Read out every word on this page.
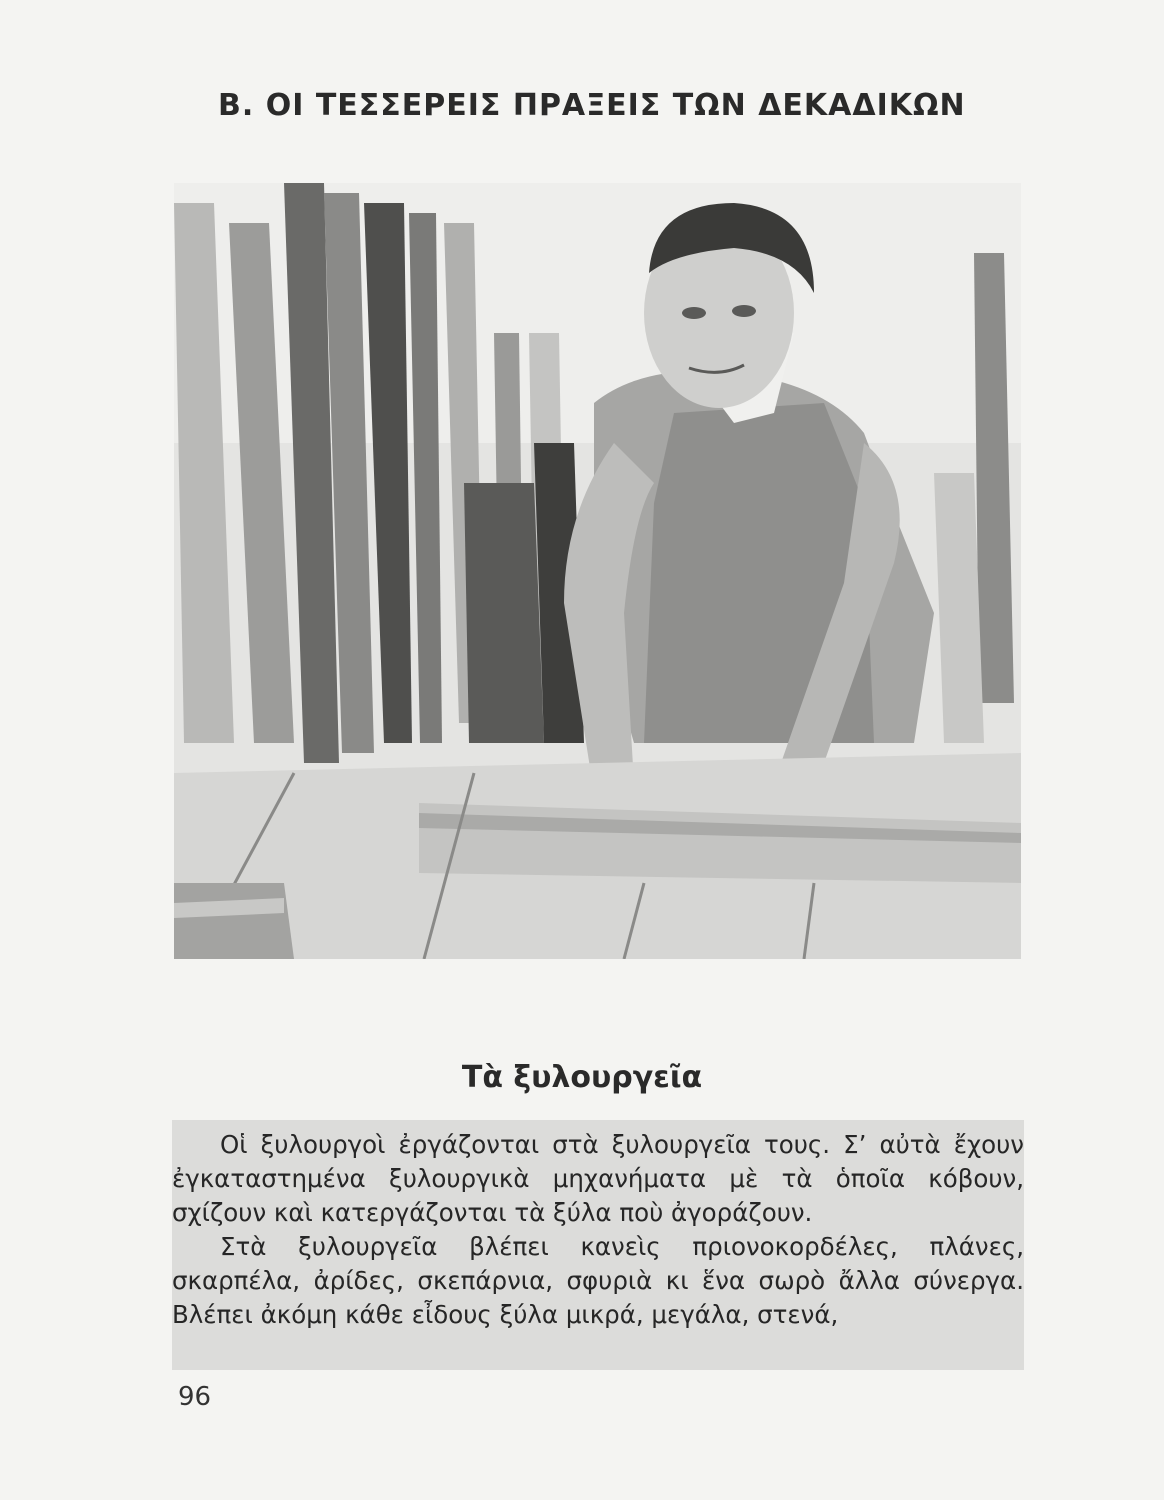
B. ΟΙ ΤΕΣΣΕΡΕΙΣ ΠΡΑΞΕΙΣ ΤΩΝ ΔΕΚΑΔΙΚΩΝ
Τὰ ξυλουργεῖα

Οἱ ξυλουργοὶ ἐργάζονται στὰ ξυλουργεῖα τους. Σ’ αὐτὰ ἔχουν ἐγκαταστημένα ξυλουργικὰ μηχανήματα μὲ τὰ ὁποῖα κόβουν, σχίζουν καὶ κατεργάζονται τὰ ξύλα ποὺ ἀγοράζουν.

Στὰ ξυλουργεῖα βλέπει κανεὶς πριονοκορδέλες, πλάνες, σκαρπέλα, ἀρίδες, σκεπάρνια, σφυριὰ κι ἕνα σωρὸ ἄλλα σύνεργα. Βλέπει ἀκόμη κάθε εἶδους ξύλα μικρά, μεγάλα, στενά,

96
